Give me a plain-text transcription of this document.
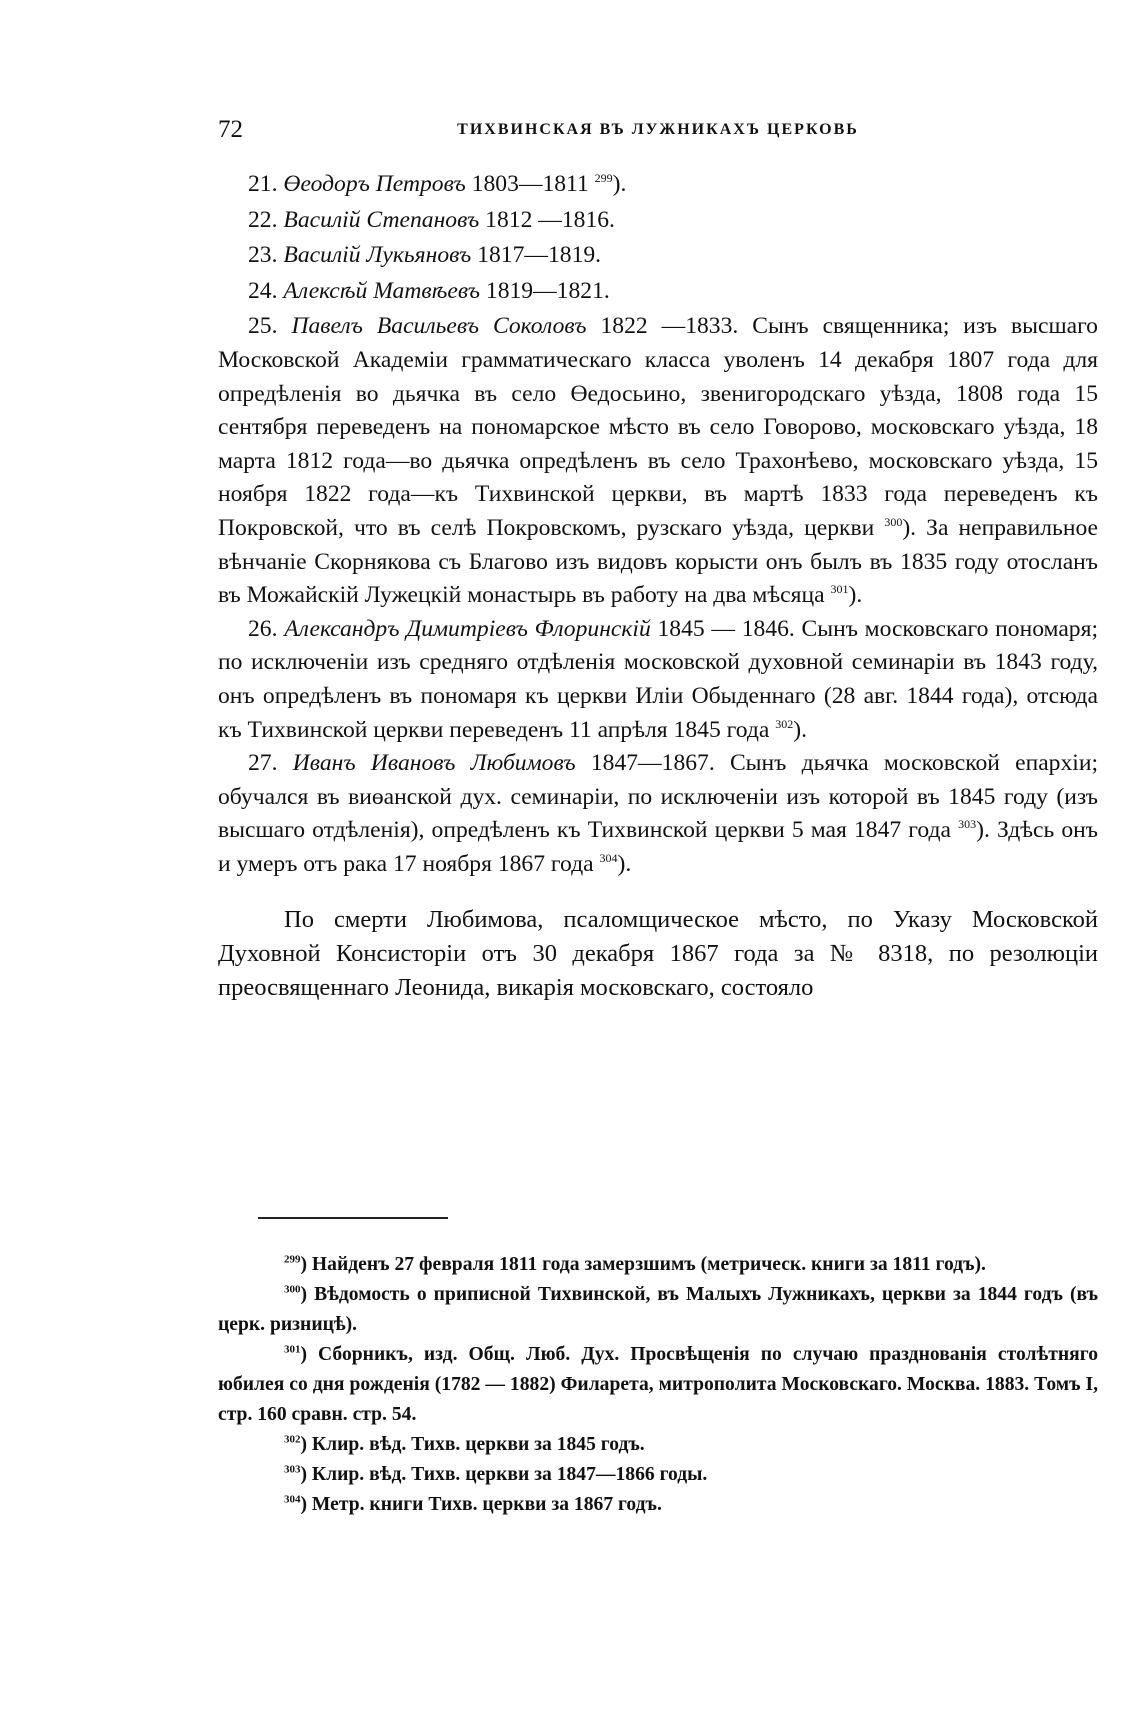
72	ТИХВИНСКАЯ ВЪ ЛУЖНИКАХЪ ЦЕРКОВЬ

21. Өеодоръ Петровъ 1803—1811 $^{299}$).

22. Василій Степановъ 1812 —1816.

23. Василій Лукьяновъ 1817—1819.

24. Алексѣй Матвѣевъ 1819—1821.

25. Павелъ Васильевъ Соколовъ 1822 —1833. Сынъ священника; изъ высшаго Московской Академіи грамматическаго класса уволенъ 14 декабря 1807 года для опредѣленія во дьячка въ село Өедосьино, звенигородскаго уѣзда, 1808 года 15 сентября переведенъ на пономарское мѣсто въ село Говорово, московскаго уѣзда, 18 марта 1812 года—во дьячка опредѣленъ въ село Трахонѣево, московскаго уѣзда, 15 ноября 1822 года—къ Тихвинской церкви, въ мартѣ 1833 года переведенъ къ Покровской, что въ селѣ Покровскомъ, рузскаго уѣзда, церкви $^{300}$). За неправильное вѣнчаніе Скорнякова съ Благово изъ видовъ корысти онъ былъ въ 1835 году отосланъ въ Можайскій Лужецкій монастырь въ работу на два мѣсяца $^{301}$).

26. Александръ Димитріевъ Флоринскій 1845 — 1846. Сынъ московскаго пономаря; по исключеніи изъ средняго отдѣленія московской духовной семинаріи въ 1843 году, онъ опредѣленъ въ пономаря къ церкви Иліи Обыденнаго (28 авг. 1844 года), отсюда къ Тихвинской церкви переведенъ 11 апрѣля 1845 года $^{302}$).

27. Иванъ Ивановъ Любимовъ 1847—1867. Сынъ дьячка московской епархіи; обучался въ виөанской дух. семинаріи, по исключеніи изъ которой въ 1845 году (изъ высшаго отдѣленія), опредѣленъ къ Тихвинской церкви 5 мая 1847 года $^{303}$). Здѣсь онъ и умеръ отъ рака 17 ноября 1867 года $^{304}$).

По смерти Любимова, псаломщическое мѣсто, по Указу Московской Духовной Консисторіи отъ 30 декабря 1867 года за № 8318, по резолюціи преосвященнаго Леонида, викарія московскаго, состояло

$^{299}$) Найденъ 27 февраля 1811 года замерзшимъ (метрическ. книги за 1811 годъ).

$^{300}$) Вѣдомость о приписной Тихвинской, въ Малыхъ Лужникахъ, церкви за 1844 годъ (въ церк. ризницѣ).

$^{301}$) Сборникъ, изд. Общ. Люб. Дух. Просвѣщенія по случаю празднованія столѣтняго юбилея со дня рожденія (1782 — 1882) Филарета, митрополита Московскаго. Москва. 1883. Томъ I, стр. 160 сравн. стр. 54.

$^{302}$) Клир. вѣд. Тихв. церкви за 1845 годъ.

$^{303}$) Клир. вѣд. Тихв. церкви за 1847—1866 годы.

$^{304}$) Метр. книги Тихв. церкви за 1867 годъ.
